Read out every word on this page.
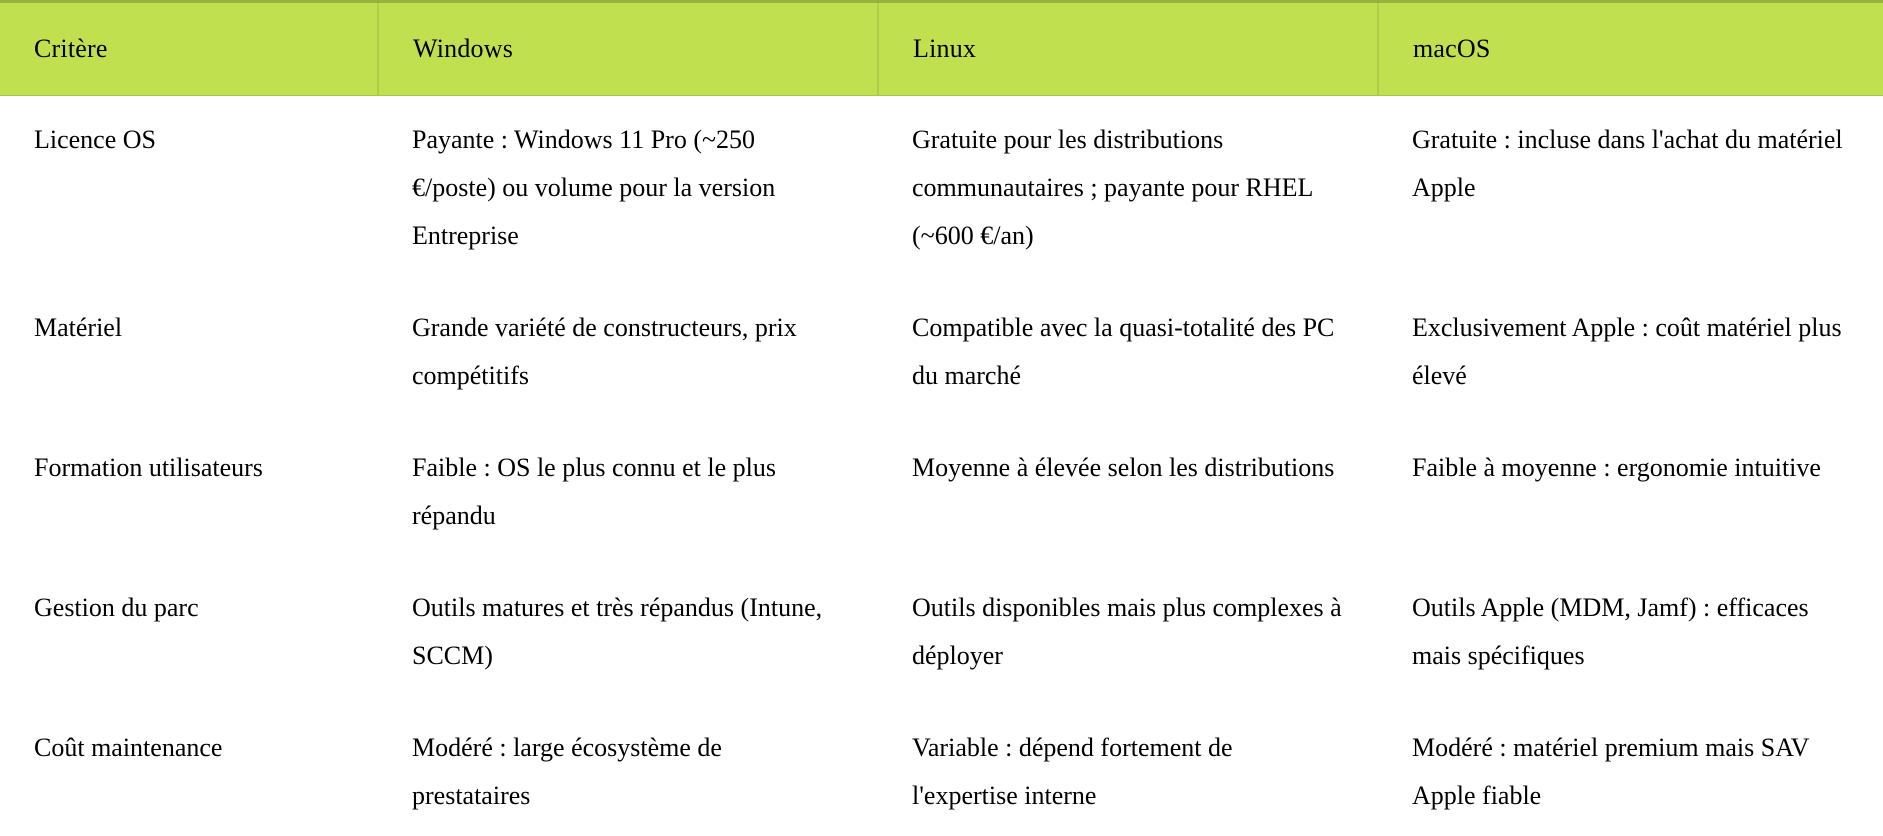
Critère	Windows	Linux	macOS
Licence OS	Payante : Windows 11 Pro (~250 €/poste) ou volume pour la version Entreprise	Gratuite pour les distributions communautaires ; payante pour RHEL (~600 €/an)	Gratuite : incluse dans l'achat du matériel Apple
Matériel	Grande variété de constructeurs, prix compétitifs	Compatible avec la quasi-totalité des PC du marché	Exclusivement Apple : coût matériel plus élevé
Formation utilisateurs	Faible : OS le plus connu et le plus répandu	Moyenne à élevée selon les distributions	Faible à moyenne : ergonomie intuitive
Gestion du parc	Outils matures et très répandus (Intune, SCCM)	Outils disponibles mais plus complexes à déployer	Outils Apple (MDM, Jamf) : efficaces mais spécifiques
Coût maintenance	Modéré : large écosystème de prestataires	Variable : dépend fortement de l'expertise interne	Modéré : matériel premium mais SAV Apple fiable
